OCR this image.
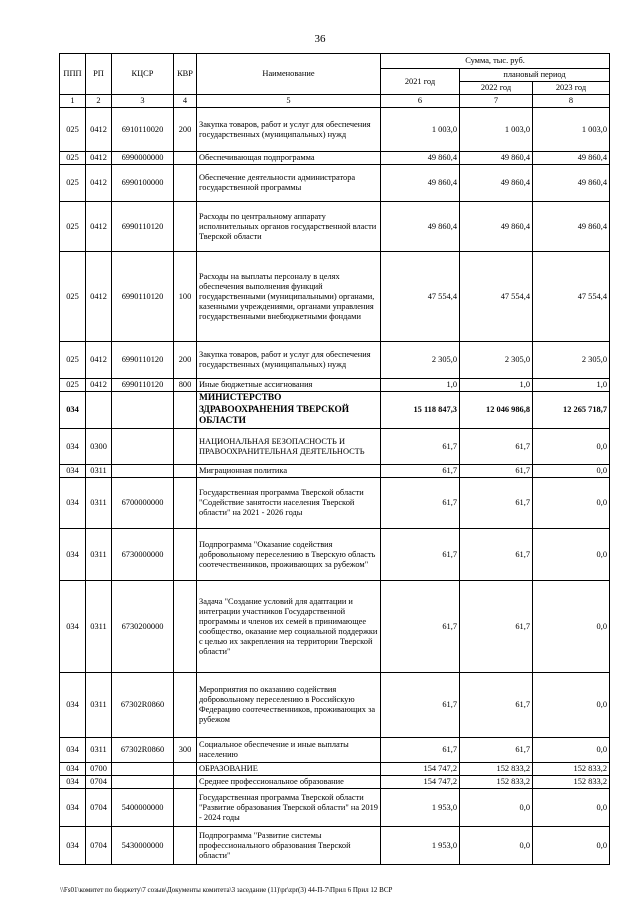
36
ППП	РП	КЦСР	КВР	Наименование	Сумма, тыс. руб.		
					2021 год	плановый период	
						2022 год	2023 год
1	2	3	4	5	6	7	8
025	0412	6910110020	200	Закупка товаров, работ и услуг для обеспечения государственных (муниципальных) нужд	1 003,0	1 003,0	1 003,0
025	0412	6990000000		Обеспечивающая подпрограмма	49 860,4	49 860,4	49 860,4
025	0412	6990100000		Обеспечение деятельности администратора государственной программы	49 860,4	49 860,4	49 860,4
025	0412	6990110120		Расходы по центральному аппарату исполнительных органов государственной власти Тверской области	49 860,4	49 860,4	49 860,4
025	0412	6990110120	100	Расходы на выплаты персоналу в целях обеспечения выполнения функций государственными (муниципальными) органами, казенными учреждениями, органами управления государственными внебюджетными фондами	47 554,4	47 554,4	47 554,4
025	0412	6990110120	200	Закупка товаров, работ и услуг для обеспечения государственных (муниципальных) нужд	2 305,0	2 305,0	2 305,0
025	0412	6990110120	800	Иные бюджетные ассигнования	1,0	1,0	1,0
034				МИНИСТЕРСТВО ЗДРАВООХРАНЕНИЯ ТВЕРСКОЙ ОБЛАСТИ	15 118 847,3	12 046 986,8	12 265 718,7
034	0300			НАЦИОНАЛЬНАЯ БЕЗОПАСНОСТЬ И ПРАВООХРАНИТЕЛЬНАЯ ДЕЯТЕЛЬНОСТЬ	61,7	61,7	0,0
034	0311			Миграционная политика	61,7	61,7	0,0
034	0311	6700000000		Государственная программа Тверской области "Содействие занятости населения Тверской области" на 2021 - 2026 годы	61,7	61,7	0,0
034	0311	6730000000		Подпрограмма "Оказание содействия добровольному переселению в Тверскую область соотечественников, проживающих за рубежом"	61,7	61,7	0,0
034	0311	6730200000		Задача "Создание условий для адаптации и интеграции участников Государственной программы и членов их семей в принимающее сообщество, оказание мер социальной поддержки с целью их закрепления на территории Тверской области"	61,7	61,7	0,0
034	0311	67302R0860		Мероприятия по оказанию содействия добровольному переселению в Российскую Федерацию соотечественников, проживающих за рубежом	61,7	61,7	0,0
034	0311	67302R0860	300	Социальное обеспечение и иные выплаты населению	61,7	61,7	0,0
034	0700			ОБРАЗОВАНИЕ	154 747,2	152 833,2	152 833,2
034	0704			Среднее профессиональное образование	154 747,2	152 833,2	152 833,2
034	0704	5400000000		Государственная программа Тверской области "Развитие образования Тверской области" на 2019 - 2024 годы	1 953,0	0,0	0,0
034	0704	5430000000		Подпрограмма "Развитие системы профессионального образования Тверской области"	1 953,0	0,0	0,0
\\Fs01\комитет по бюджету\7 созыв\Документы комитета\3 заседание (11)\pr\zpr(3) 44-П-7\Прил 6 Прил 12 ВСР
